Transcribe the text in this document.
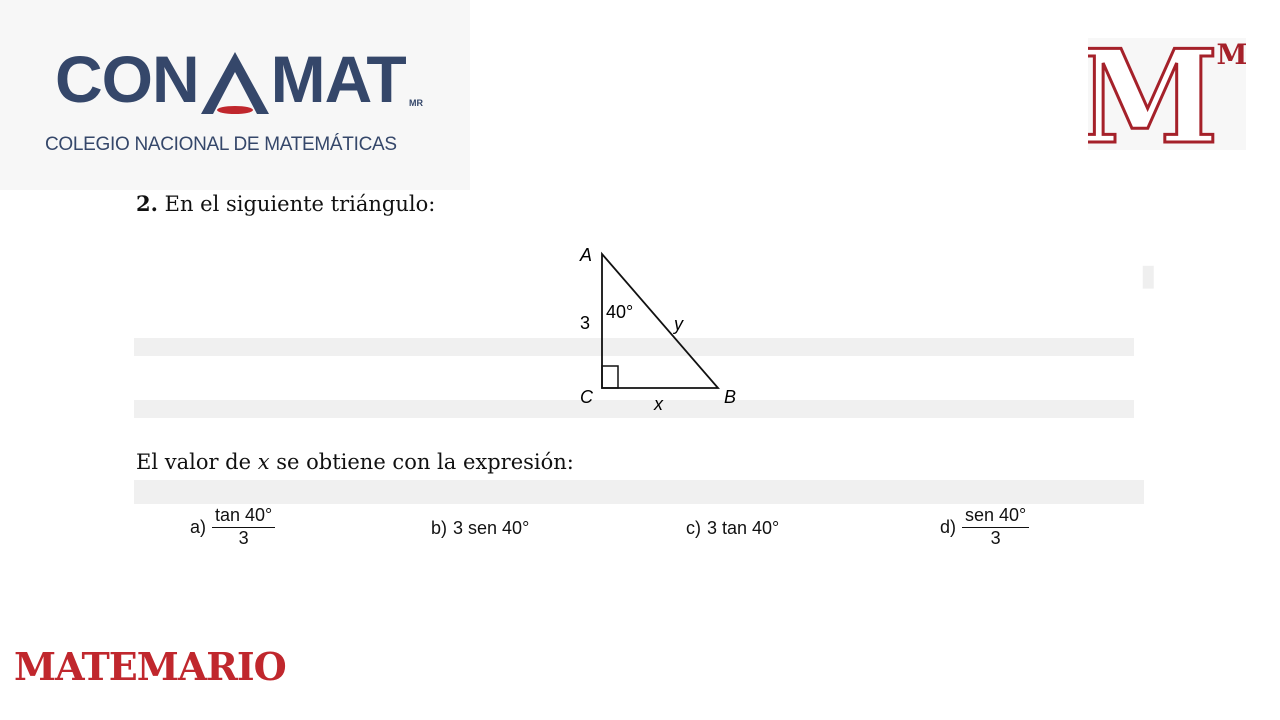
▮
CON MAT MR
COLEGIO NACIONAL DE MATEMÁTICAS	M
M
2. En el siguiente triángulo:
A
C	B
3
x
y
40°
El valor de x se obtiene con la expresión:
$a) \frac{\tan 40^\circ}{3}$	b) 3 sen 40°	c) 3 tan 40°	$d) \frac{\text{sen 40°}}{3}$
MATEMARIO
